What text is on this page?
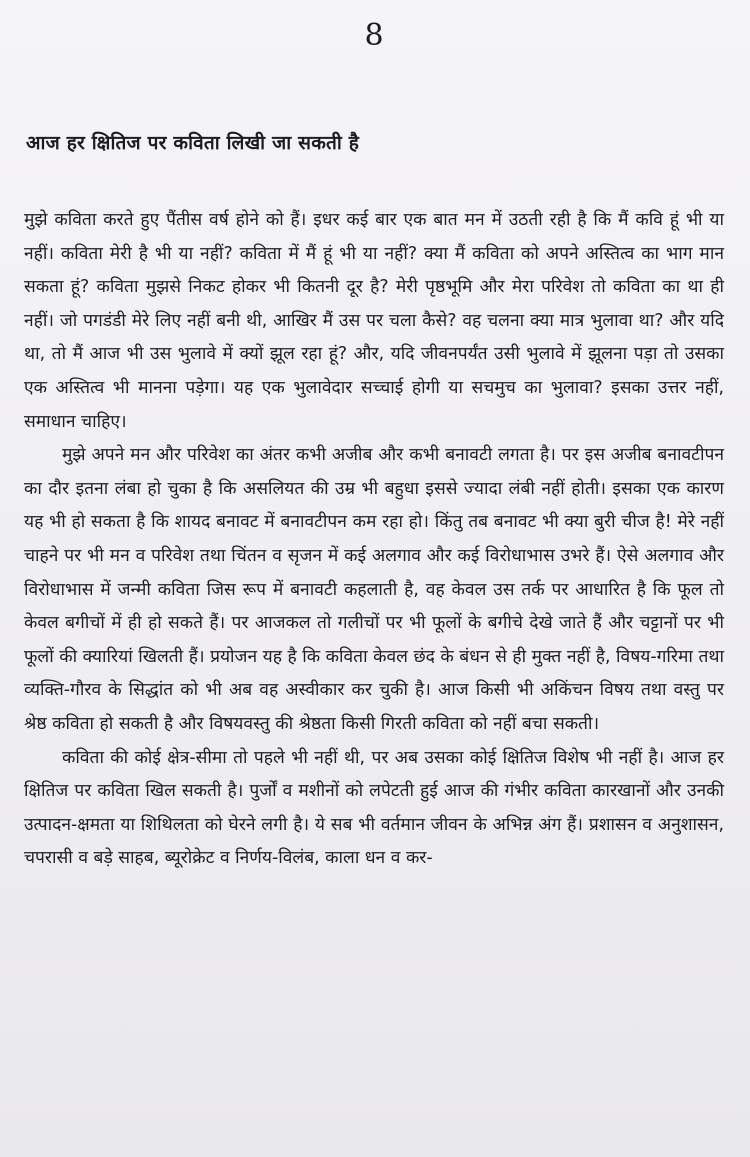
8
आज हर क्षितिज पर कविता लिखी जा सकती है

मुझे कविता करते हुए पैंतीस वर्ष होने को हैं। इधर कई बार एक बात मन में उठती रही है कि मैं कवि हूं भी या नहीं। कविता मेरी है भी या नहीं? कविता में मैं हूं भी या नहीं? क्या मैं कविता को अपने अस्तित्व का भाग मान सकता हूं? कविता मुझसे निकट होकर भी कितनी दूर है? मेरी पृष्ठभूमि और मेरा परिवेश तो कविता का था ही नहीं। जो पगडंडी मेरे लिए नहीं बनी थी, आखिर मैं उस पर चला कैसे? वह चलना क्या मात्र भुलावा था? और यदि था, तो मैं आज भी उस भुलावे में क्यों झूल रहा हूं? और, यदि जीवनपर्यंत उसी भुलावे में झूलना पड़ा तो उसका एक अस्तित्व भी मानना पड़ेगा। यह एक भुलावेदार सच्चाई होगी या सचमुच का भुलावा? इसका उत्तर नहीं, समाधान चाहिए।

मुझे अपने मन और परिवेश का अंतर कभी अजीब और कभी बनावटी लगता है। पर इस अजीब बनावटीपन का दौर इतना लंबा हो चुका है कि असलियत की उम्र भी बहुधा इससे ज्यादा लंबी नहीं होती। इसका एक कारण यह भी हो सकता है कि शायद बनावट में बनावटीपन कम रहा हो। किंतु तब बनावट भी क्या बुरी चीज है! मेरे नहीं चाहने पर भी मन व परिवेश तथा चिंतन व सृजन में कई अलगाव और कई विरोधाभास उभरे हैं। ऐसे अलगाव और विरोधाभास में जन्मी कविता जिस रूप में बनावटी कहलाती है, वह केवल उस तर्क पर आधारित है कि फूल तो केवल बगीचों में ही हो सकते हैं। पर आजकल तो गलीचों पर भी फूलों के बगीचे देखे जाते हैं और चट्टानों पर भी फूलों की क्यारियां खिलती हैं। प्रयोजन यह है कि कविता केवल छंद के बंधन से ही मुक्त नहीं है, विषय-गरिमा तथा व्यक्ति-गौरव के सिद्धांत को भी अब वह अस्वीकार कर चुकी है। आज किसी भी अकिंचन विषय तथा वस्तु पर श्रेष्ठ कविता हो सकती है और विषयवस्तु की श्रेष्ठता किसी गिरती कविता को नहीं बचा सकती।

कविता की कोई क्षेत्र-सीमा तो पहले भी नहीं थी, पर अब उसका कोई क्षितिज विशेष भी नहीं है। आज हर क्षितिज पर कविता खिल सकती है। पुर्जों व मशीनों को लपेटती हुई आज की गंभीर कविता कारखानों और उनकी उत्पादन-क्षमता या शिथिलता को घेरने लगी है। ये सब भी वर्तमान जीवन के अभिन्न अंग हैं। प्रशासन व अनुशासन, चपरासी व बड़े साहब, ब्यूरोक्रेट व निर्णय-विलंब, काला धन व कर-
